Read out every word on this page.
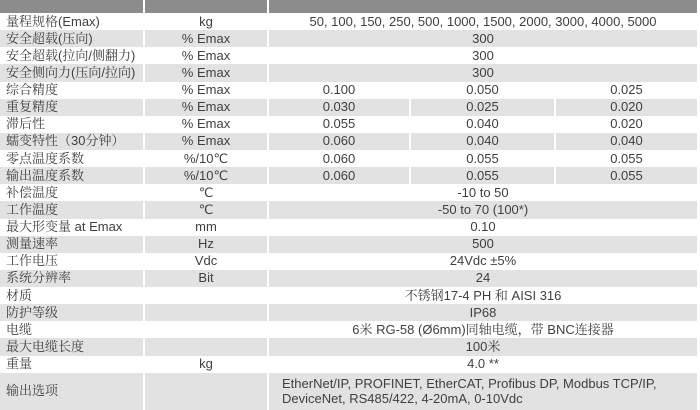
量程规格(Emax)	kg	50, 100, 150, 250, 500, 1000, 1500, 2000, 3000, 4000, 5000		
安全超载(压向)	% Emax	300		
安全超载(拉向/侧翻力)	% Emax	300		
安全侧向力(压向/拉向)	% Emax	300		
综合精度	% Emax	0.100	0.050	0.025
重复精度	% Emax	0.030	0.025	0.020
滞后性	% Emax	0.055	0.040	0.020
蠕变特性（30分钟）	% Emax	0.060	0.040	0.040
零点温度系数	%/10℃	0.060	0.055	0.055
输出温度系数	%/10℃	0.060	0.055	0.055
补偿温度	℃	-10 to 50		
工作温度	℃	-50 to 70 (100*)		
最大形变量 at Emax	mm	0.10		
测量速率	Hz	500		
工作电压	Vdc	24Vdc ±5%		
系统分辨率	Bit	24		
材质		不锈钢17-4 PH 和 AISI 316		
防护等级		IP68		
电缆		6米 RG-58 (Ø6mm)同轴电缆，带 BNC连接器		
最大电缆长度		100米		
重量	kg	4.0 **		
输出选项		EtherNet/IP, PROFINET, EtherCAT, Profibus DP, Modbus TCP/IP,
DeviceNet, RS485/422, 4-20mA, 0-10Vdc		
